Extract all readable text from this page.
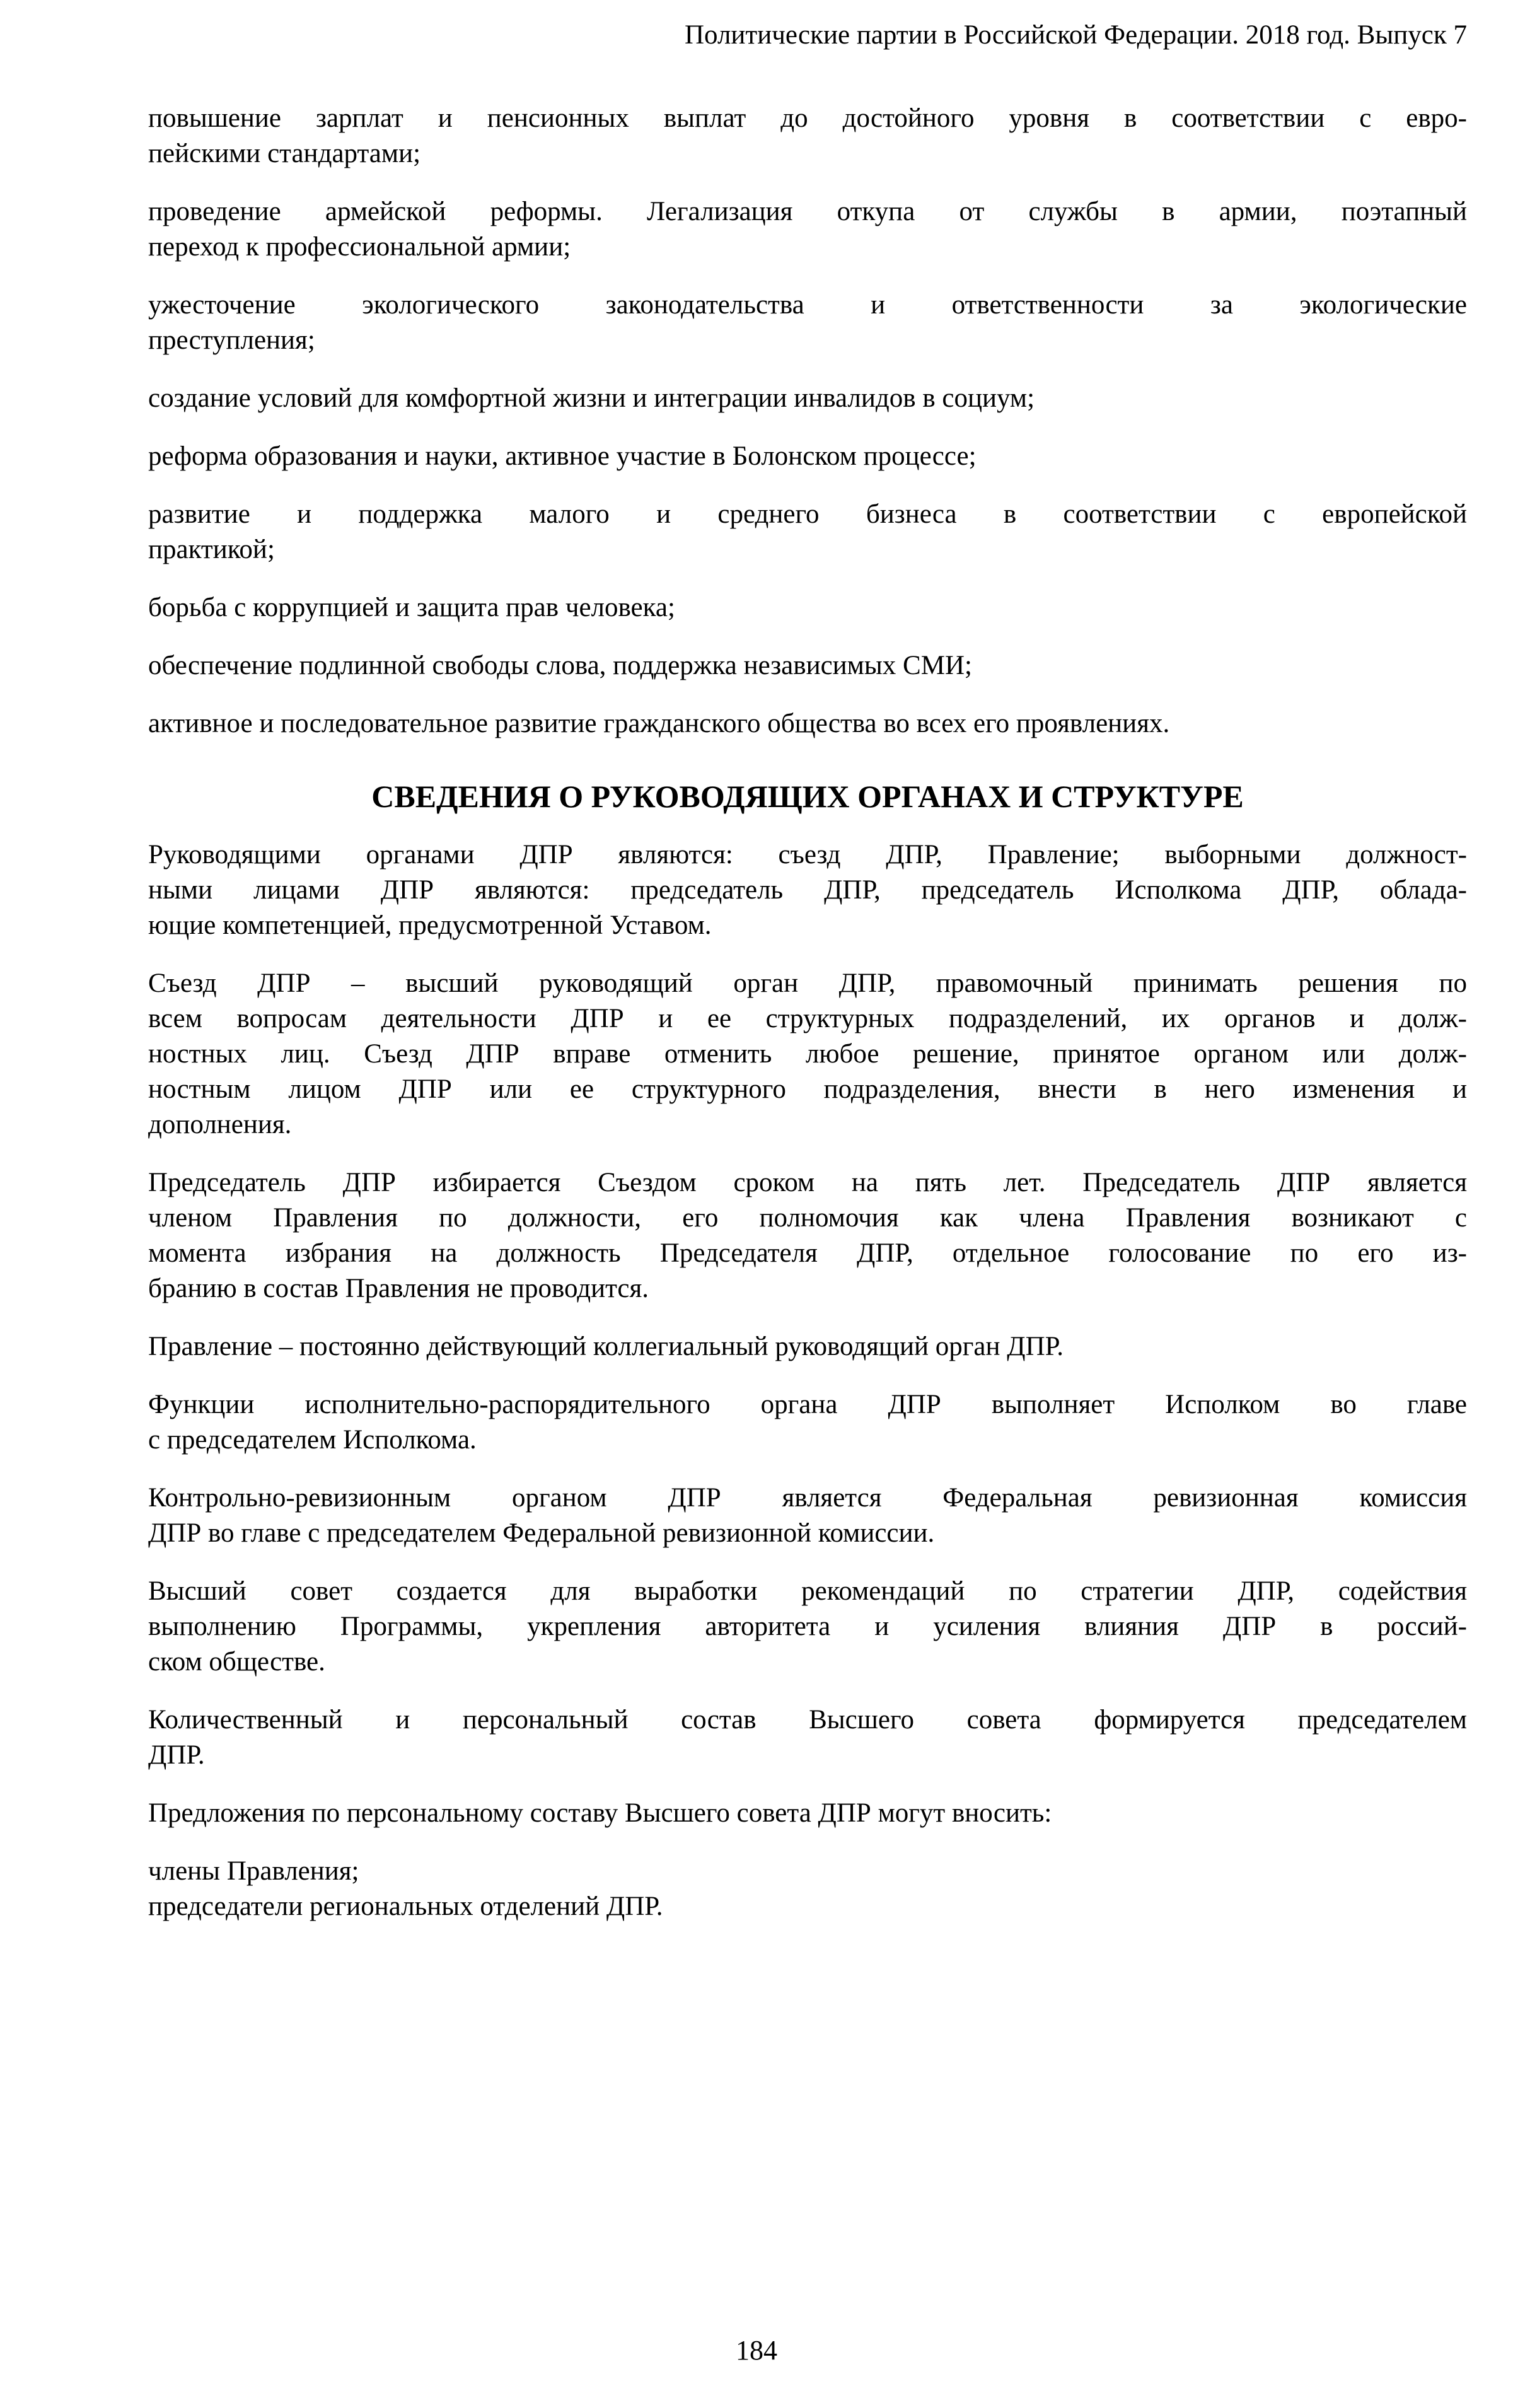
Политические партии в Российской Федерации. 2018 год. Выпуск 7
повышение зарплат и пенсионных выплат до достойного уровня в соответствии с евро-
пейскими стандартами;
проведение армейской реформы. Легализация откупа от службы в армии, поэтапный
переход к профессиональной армии;
ужесточение экологического законодательства и ответственности за экологические
преступления;
создание условий для комфортной жизни и интеграции инвалидов в социум;
реформа образования и науки, активное участие в Болонском процессе;
развитие и поддержка малого и среднего бизнеса в соответствии с европейской
практикой;
борьба с коррупцией и защита прав человека;
обеспечение подлинной свободы слова, поддержка независимых СМИ;
активное и последовательное развитие гражданского общества во всех его проявлениях.
СВЕДЕНИЯ О РУКОВОДЯЩИХ ОРГАНАХ И СТРУКТУРЕ
Руководящими органами ДПР являются: съезд ДПР, Правление; выборными должност-
ными лицами ДПР являются: председатель ДПР, председатель Исполкома ДПР, облада-
ющие компетенцией, предусмотренной Уставом.
Съезд ДПР – высший руководящий орган ДПР, правомочный принимать решения по
всем вопросам деятельности ДПР и ее структурных подразделений, их органов и долж-
ностных лиц. Съезд ДПР вправе отменить любое решение, принятое органом или долж-
ностным лицом ДПР или ее структурного подразделения, внести в него изменения и
дополнения.
Председатель ДПР избирается Съездом сроком на пять лет. Председатель ДПР является
членом Правления по должности, его полномочия как члена Правления возникают с
момента избрания на должность Председателя ДПР, отдельное голосование по его из-
бранию в состав Правления не проводится.
Правление – постоянно действующий коллегиальный руководящий орган ДПР.
Функции исполнительно-распорядительного органа ДПР выполняет Исполком во главе
с председателем Исполкома.
Контрольно-ревизионным органом ДПР является Федеральная ревизионная комиссия
ДПР во главе с председателем Федеральной ревизионной комиссии.
Высший совет создается для выработки рекомендаций по стратегии ДПР, содействия
выполнению Программы, укрепления авторитета и усиления влияния ДПР в россий-
ском обществе.
Количественный и персональный состав Высшего совета формируется председателем
ДПР.
Предложения по персональному составу Высшего совета ДПР могут вносить:
члены Правления;
председатели региональных отделений ДПР.
184
